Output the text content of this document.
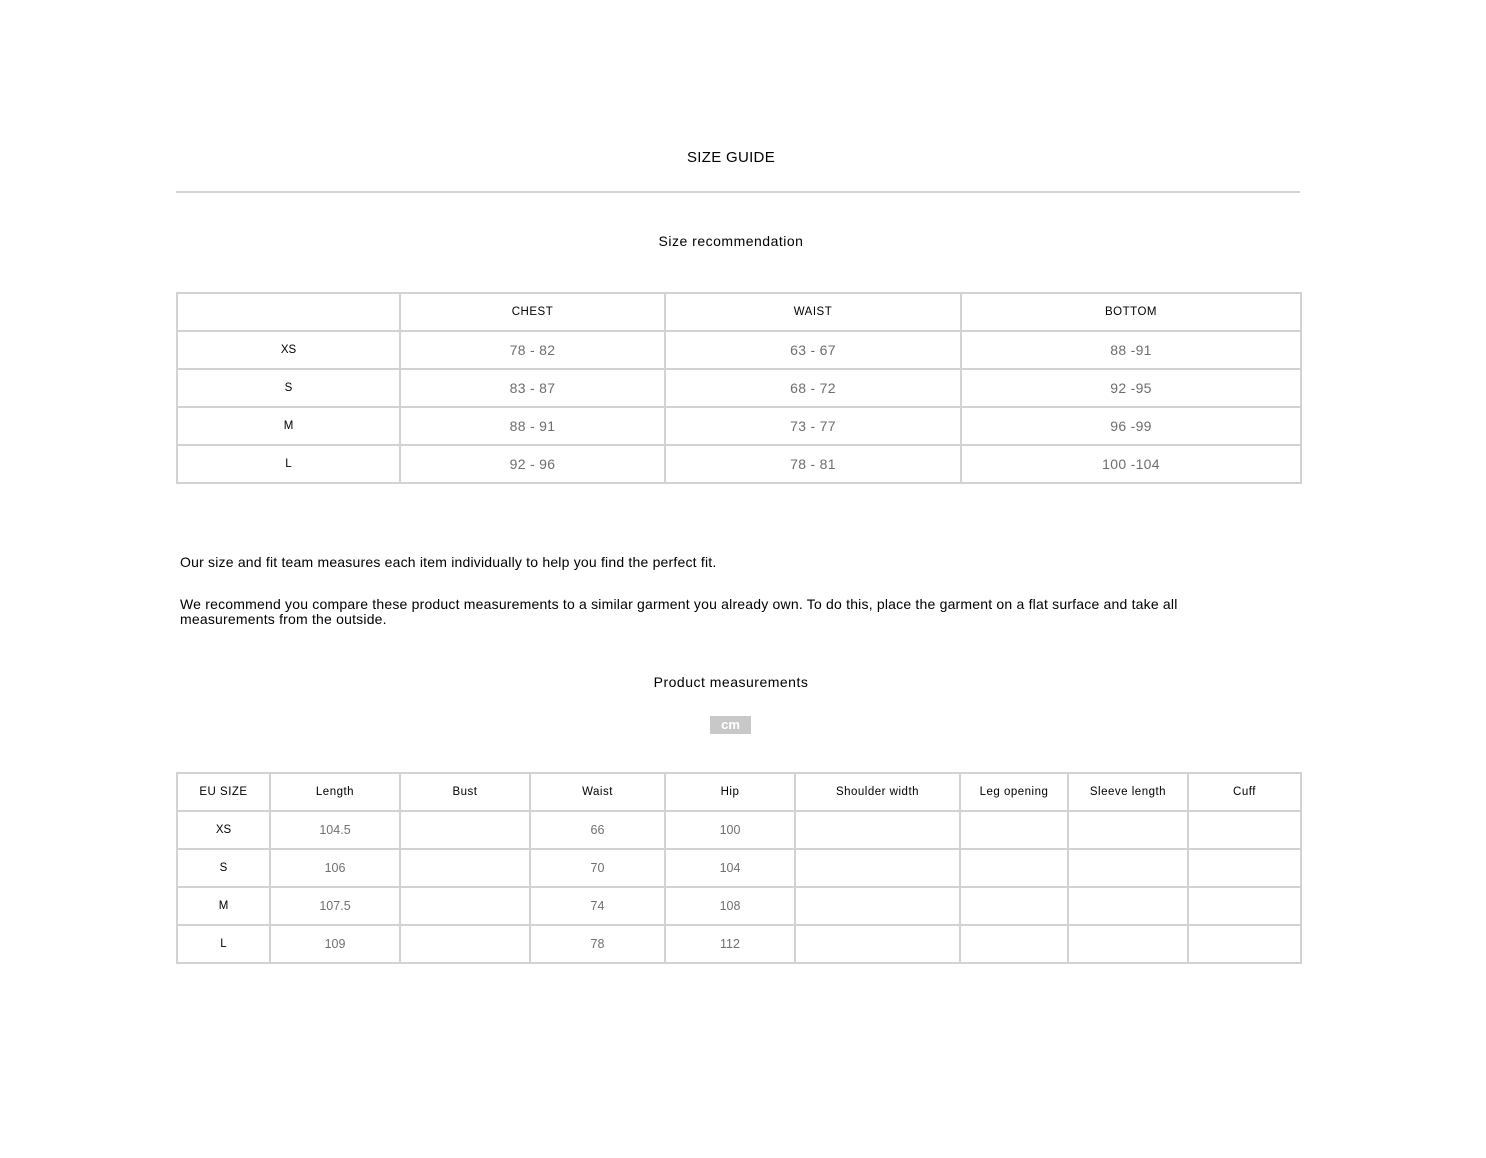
SIZE GUIDE
Size recommendation
	CHEST	WAIST	BOTTOM
XS	78 - 82	63 - 67	88 -91
S	83 - 87	68 - 72	92 -95
M	88 - 91	73 - 77	96 -99
L	92 - 96	78 - 81	100 -104
Our size and fit team measures each item individually to help you find the perfect fit.
We recommend you compare these product measurements to a similar garment you already own. To do this, place the garment on a flat surface and take all measurements from the outside.
Product measurements
cm
EU SIZE	Length	Bust	Waist	Hip	Shoulder width	Leg opening	Sleeve length	Cuff
XS	104.5		66	100				
S	106		70	104				
M	107.5		74	108				
L	109		78	112				
